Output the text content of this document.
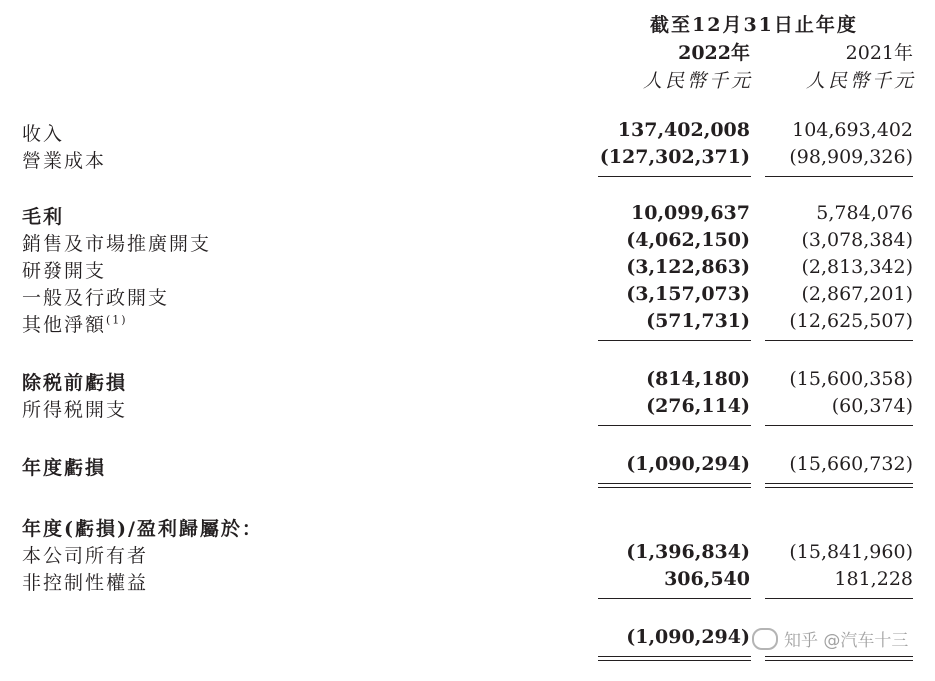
截至12月31日止年度
2022年	2021年
人民幣千元	人民幣千元
收入	137,402,008 104,693,402
營業成本	(127,302,371) (98,909,326)
毛利	10,099,637	5,784,076
銷售及市場推廣開支	(4,062,150)	(3,078,384)
研發開支	(3,122,863)	(2,813,342)
一般及行政開支	(3,157,073)	(2,867,201)
其他淨額$^{(1)}$	(571,731) (12,625,507)
除税前虧損	(814,180) (15,600,358)
所得税開支	(276,114)	(60,374)
年度虧損	(1,090,294) (15,660,732)
年度(虧損)/盈利歸屬於：
本公司所有者	(1,396,834) (15,841,960)
非控制性權益	306,540	181,228
(1,090,294) 知乎 @汽车十三
